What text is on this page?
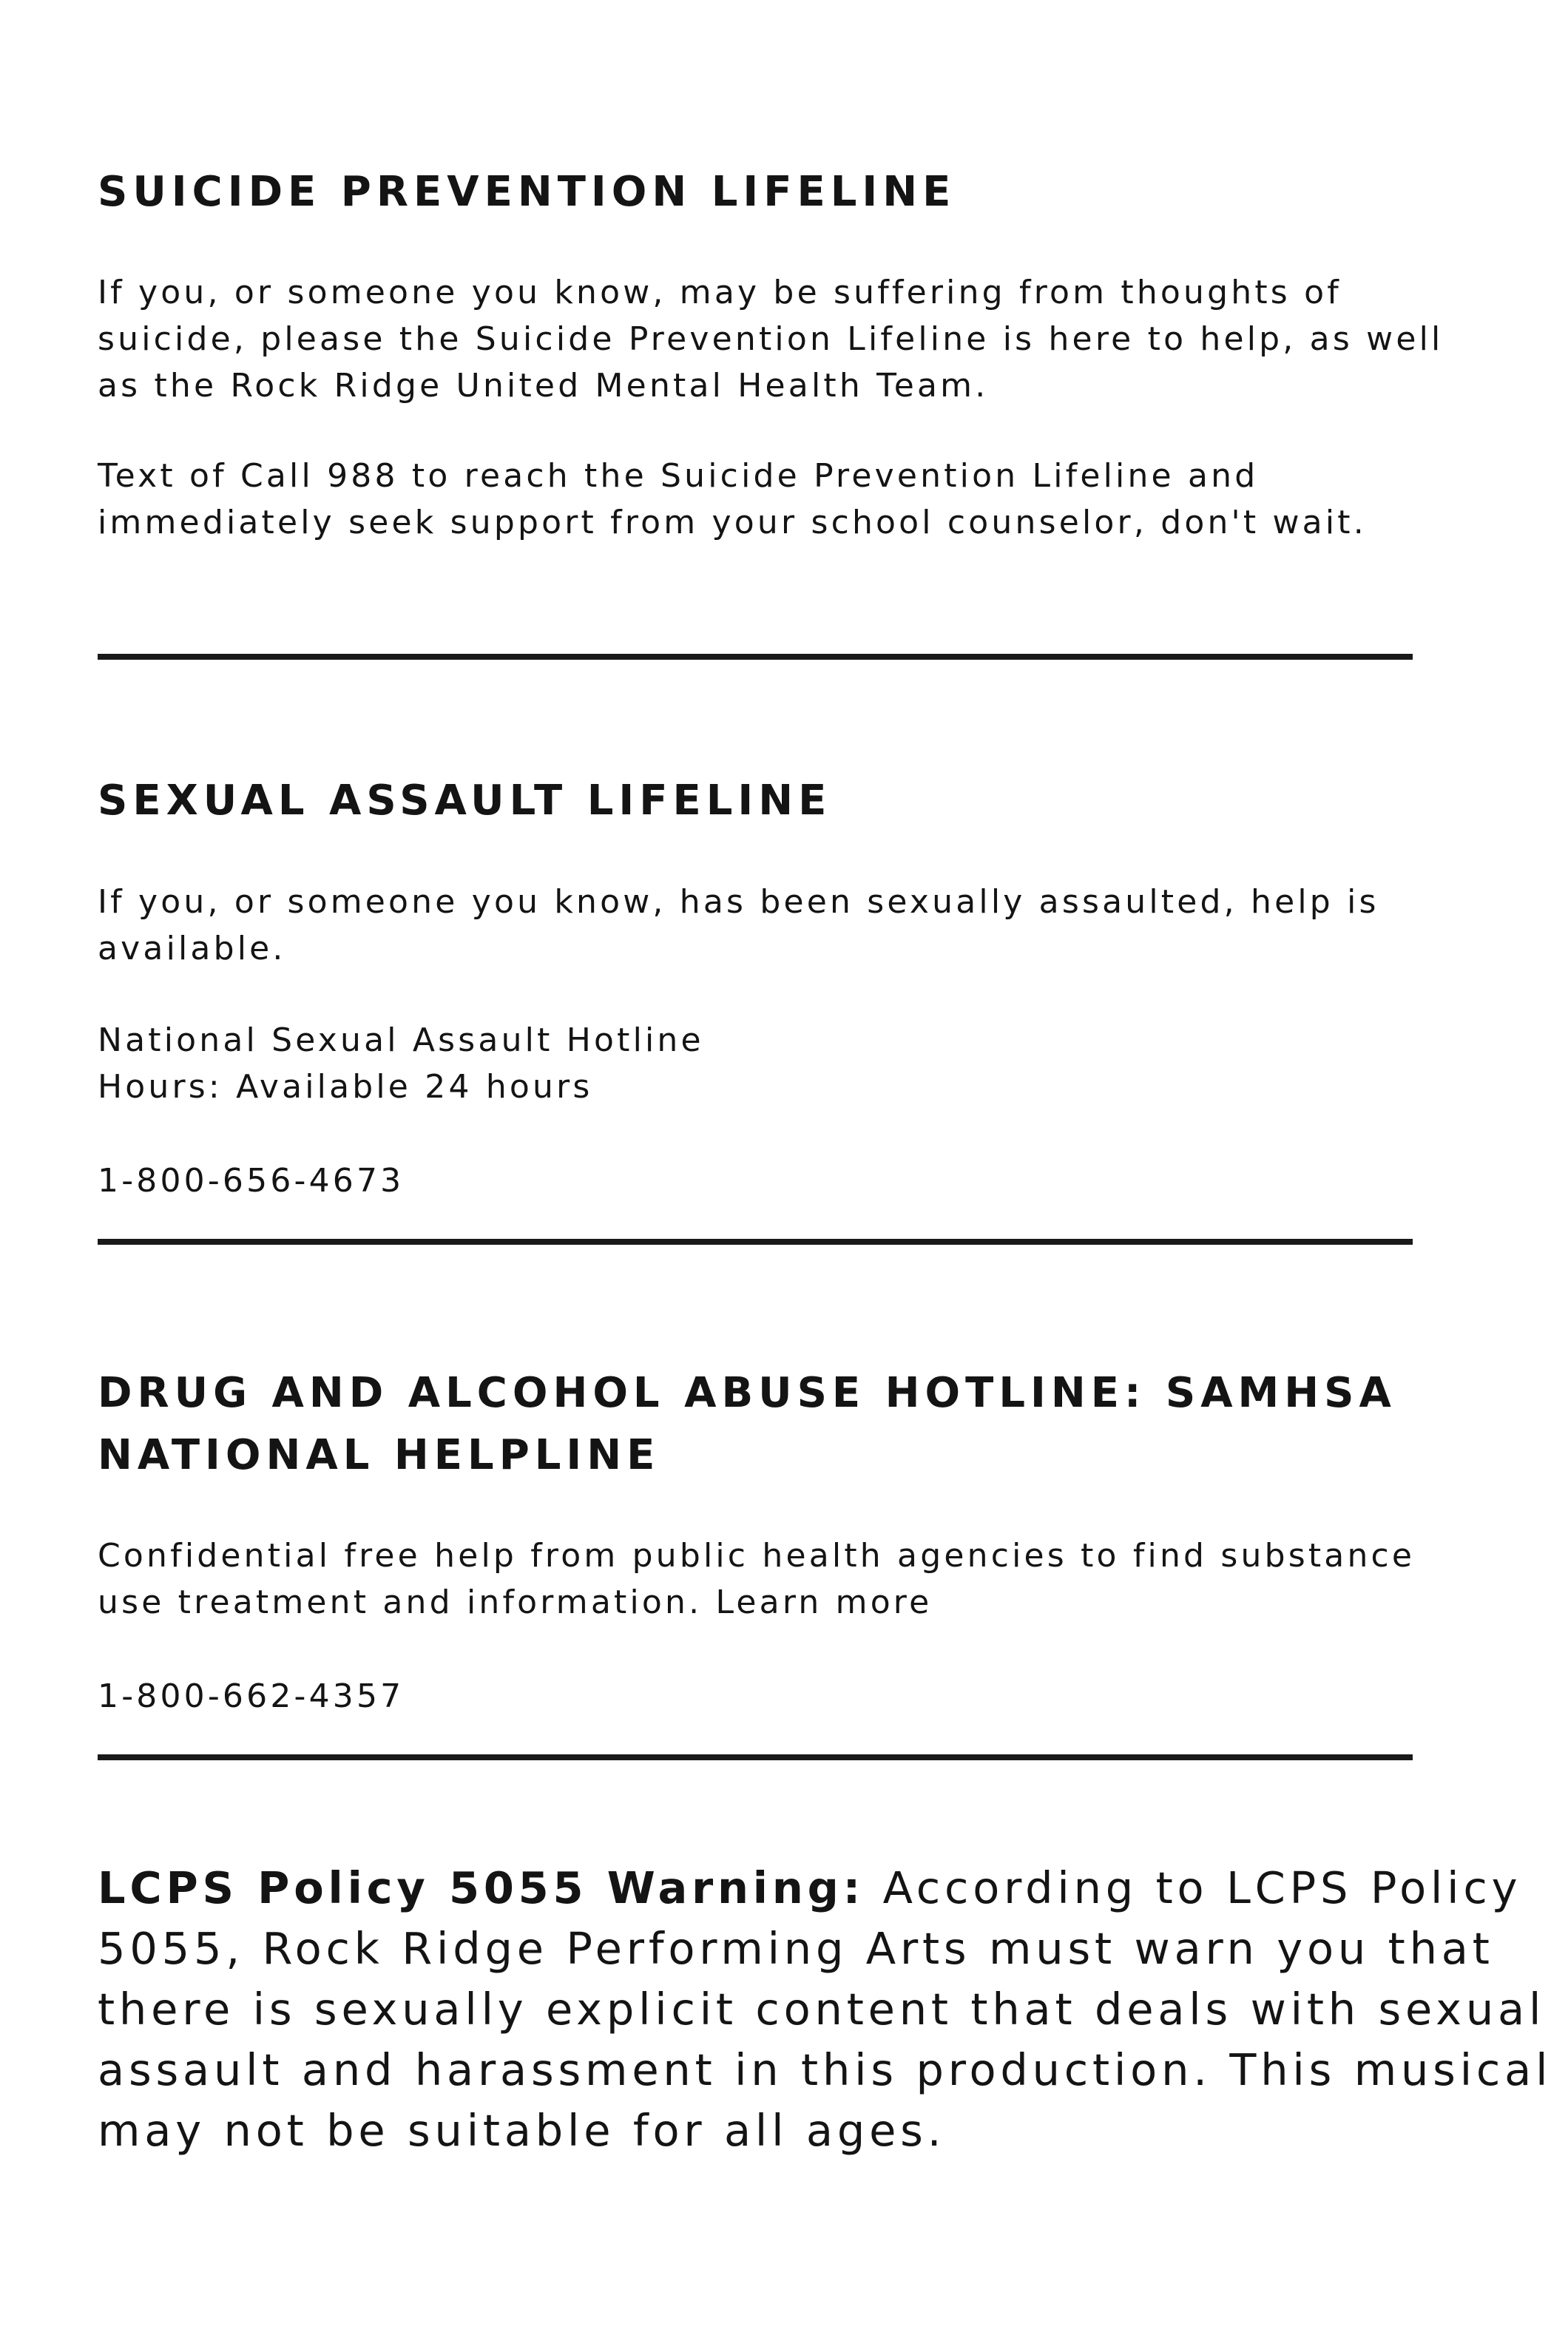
SUICIDE PREVENTION LIFELINE

If you, or someone you know, may be suffering from thoughts of
suicide, please the Suicide Prevention Lifeline is here to help, as well
as the Rock Ridge United Mental Health Team.

Text of Call 988 to reach the Suicide Prevention Lifeline and
immediately seek support from your school counselor, don't wait.

SEXUAL ASSAULT LIFELINE

If you, or someone you know, has been sexually assaulted, help is
available.

National Sexual Assault Hotline
Hours: Available 24 hours

1-800-656-4673

DRUG AND ALCOHOL ABUSE HOTLINE: SAMHSA
NATIONAL HELPLINE

Confidential free help from public health agencies to find substance
use treatment and information. Learn more

1-800-662-4357

LCPS Policy 5055 Warning: According to LCPS Policy
5055, Rock Ridge Performing Arts must warn you that
there is sexually explicit content that deals with sexual
assault and harassment in this production. This musical
may not be suitable for all ages.
